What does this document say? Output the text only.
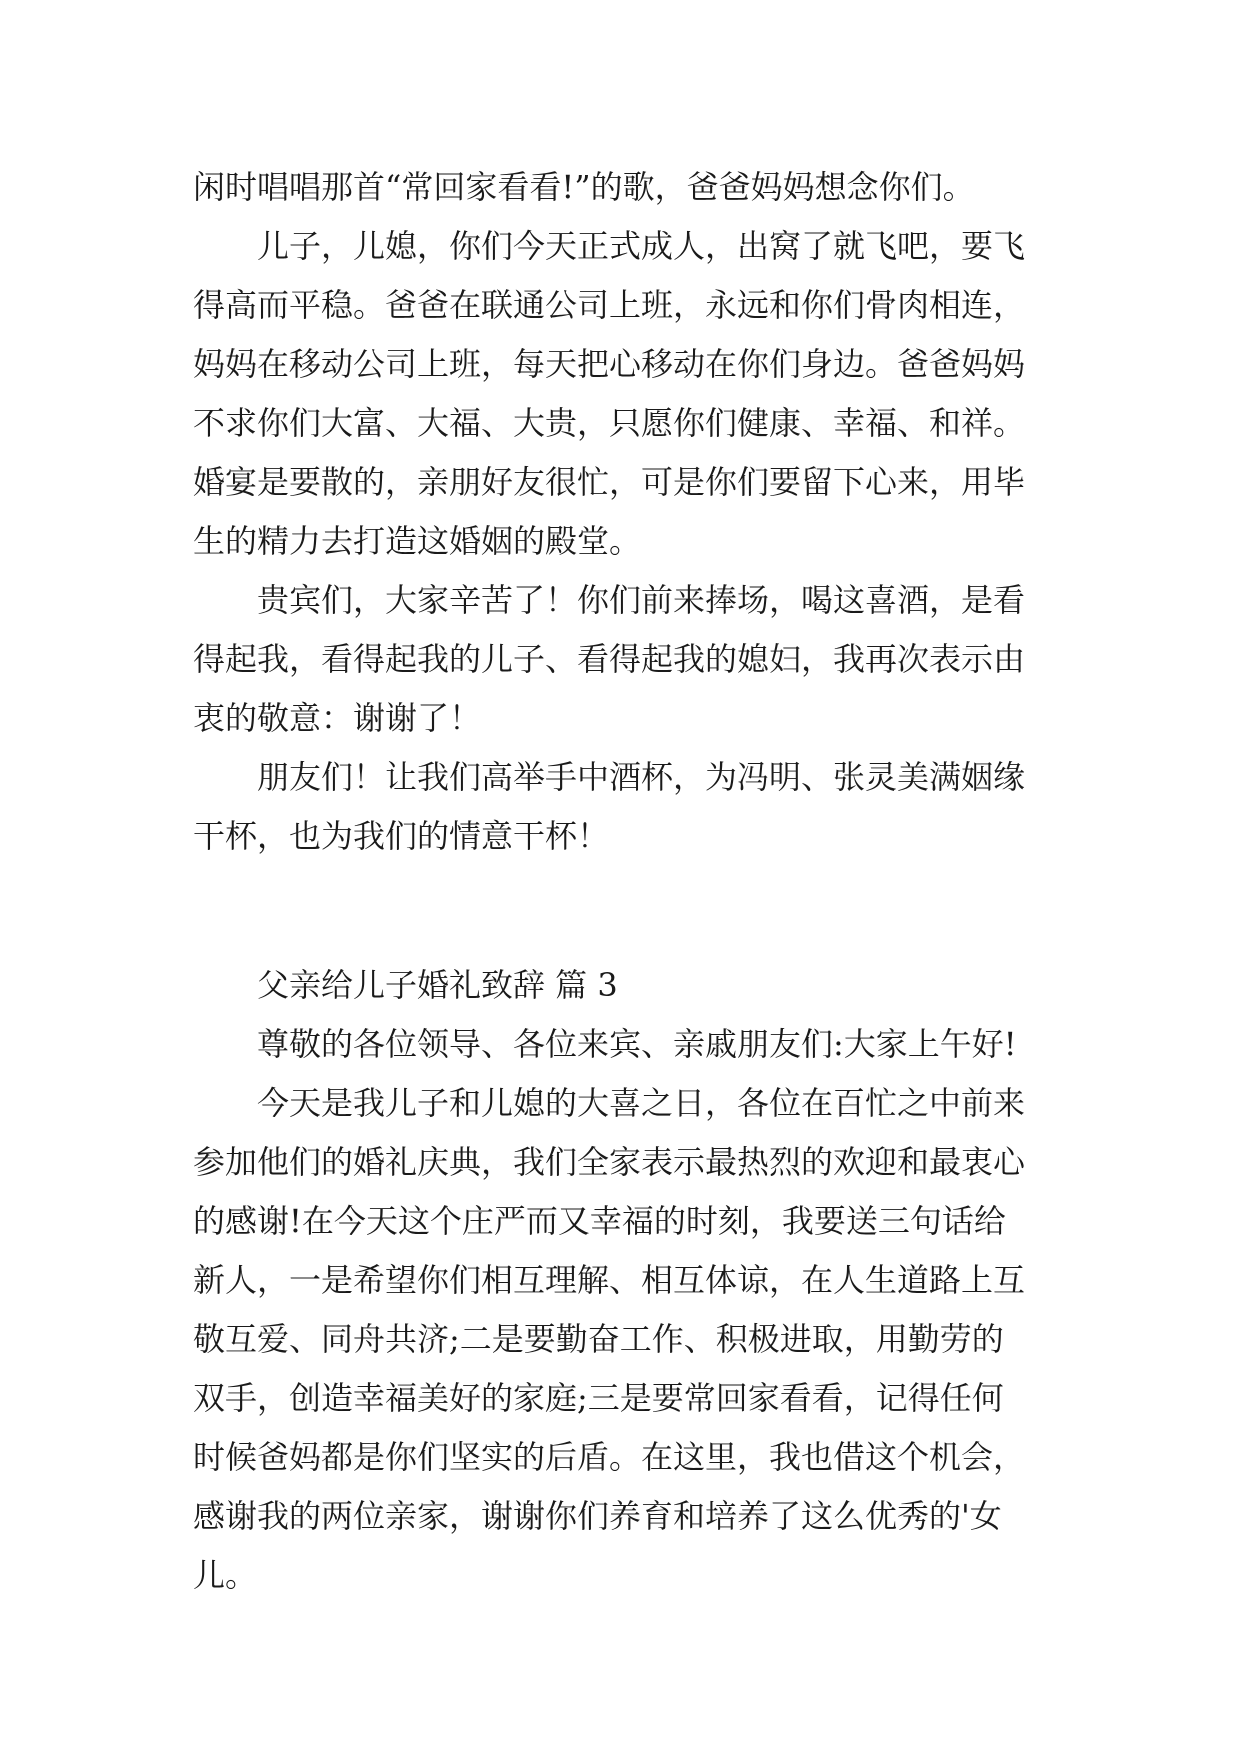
闲时唱唱那首“常回家看看!”的歌，爸爸妈妈想念你们。

儿子，儿媳，你们今天正式成人，出窝了就飞吧，要飞

得高而平稳。爸爸在联通公司上班，永远和你们骨肉相连，

妈妈在移动公司上班，每天把心移动在你们身边。爸爸妈妈

不求你们大富、大福、大贵，只愿你们健康、幸福、和祥。

婚宴是要散的，亲朋好友很忙，可是你们要留下心来，用毕

生的精力去打造这婚姻的殿堂。

贵宾们，大家辛苦了！你们前来捧场，喝这喜酒，是看

得起我，看得起我的儿子、看得起我的媳妇，我再次表示由

衷的敬意：谢谢了！

朋友们！让我们高举手中酒杯，为冯明、张灵美满姻缘

干杯，也为我们的情意干杯！

父亲给儿子婚礼致辞 篇 3

尊敬的各位领导、各位来宾、亲戚朋友们:大家上午好!

今天是我儿子和儿媳的大喜之日，各位在百忙之中前来

参加他们的婚礼庆典，我们全家表示最热烈的欢迎和最衷心

的感谢!在今天这个庄严而又幸福的时刻，我要送三句话给

新人，一是希望你们相互理解、相互体谅，在人生道路上互

敬互爱、同舟共济;二是要勤奋工作、积极进取，用勤劳的

双手，创造幸福美好的家庭;三是要常回家看看，记得任何

时候爸妈都是你们坚实的后盾。在这里，我也借这个机会，

感谢我的两位亲家，谢谢你们养育和培养了这么优秀的'女

儿。
